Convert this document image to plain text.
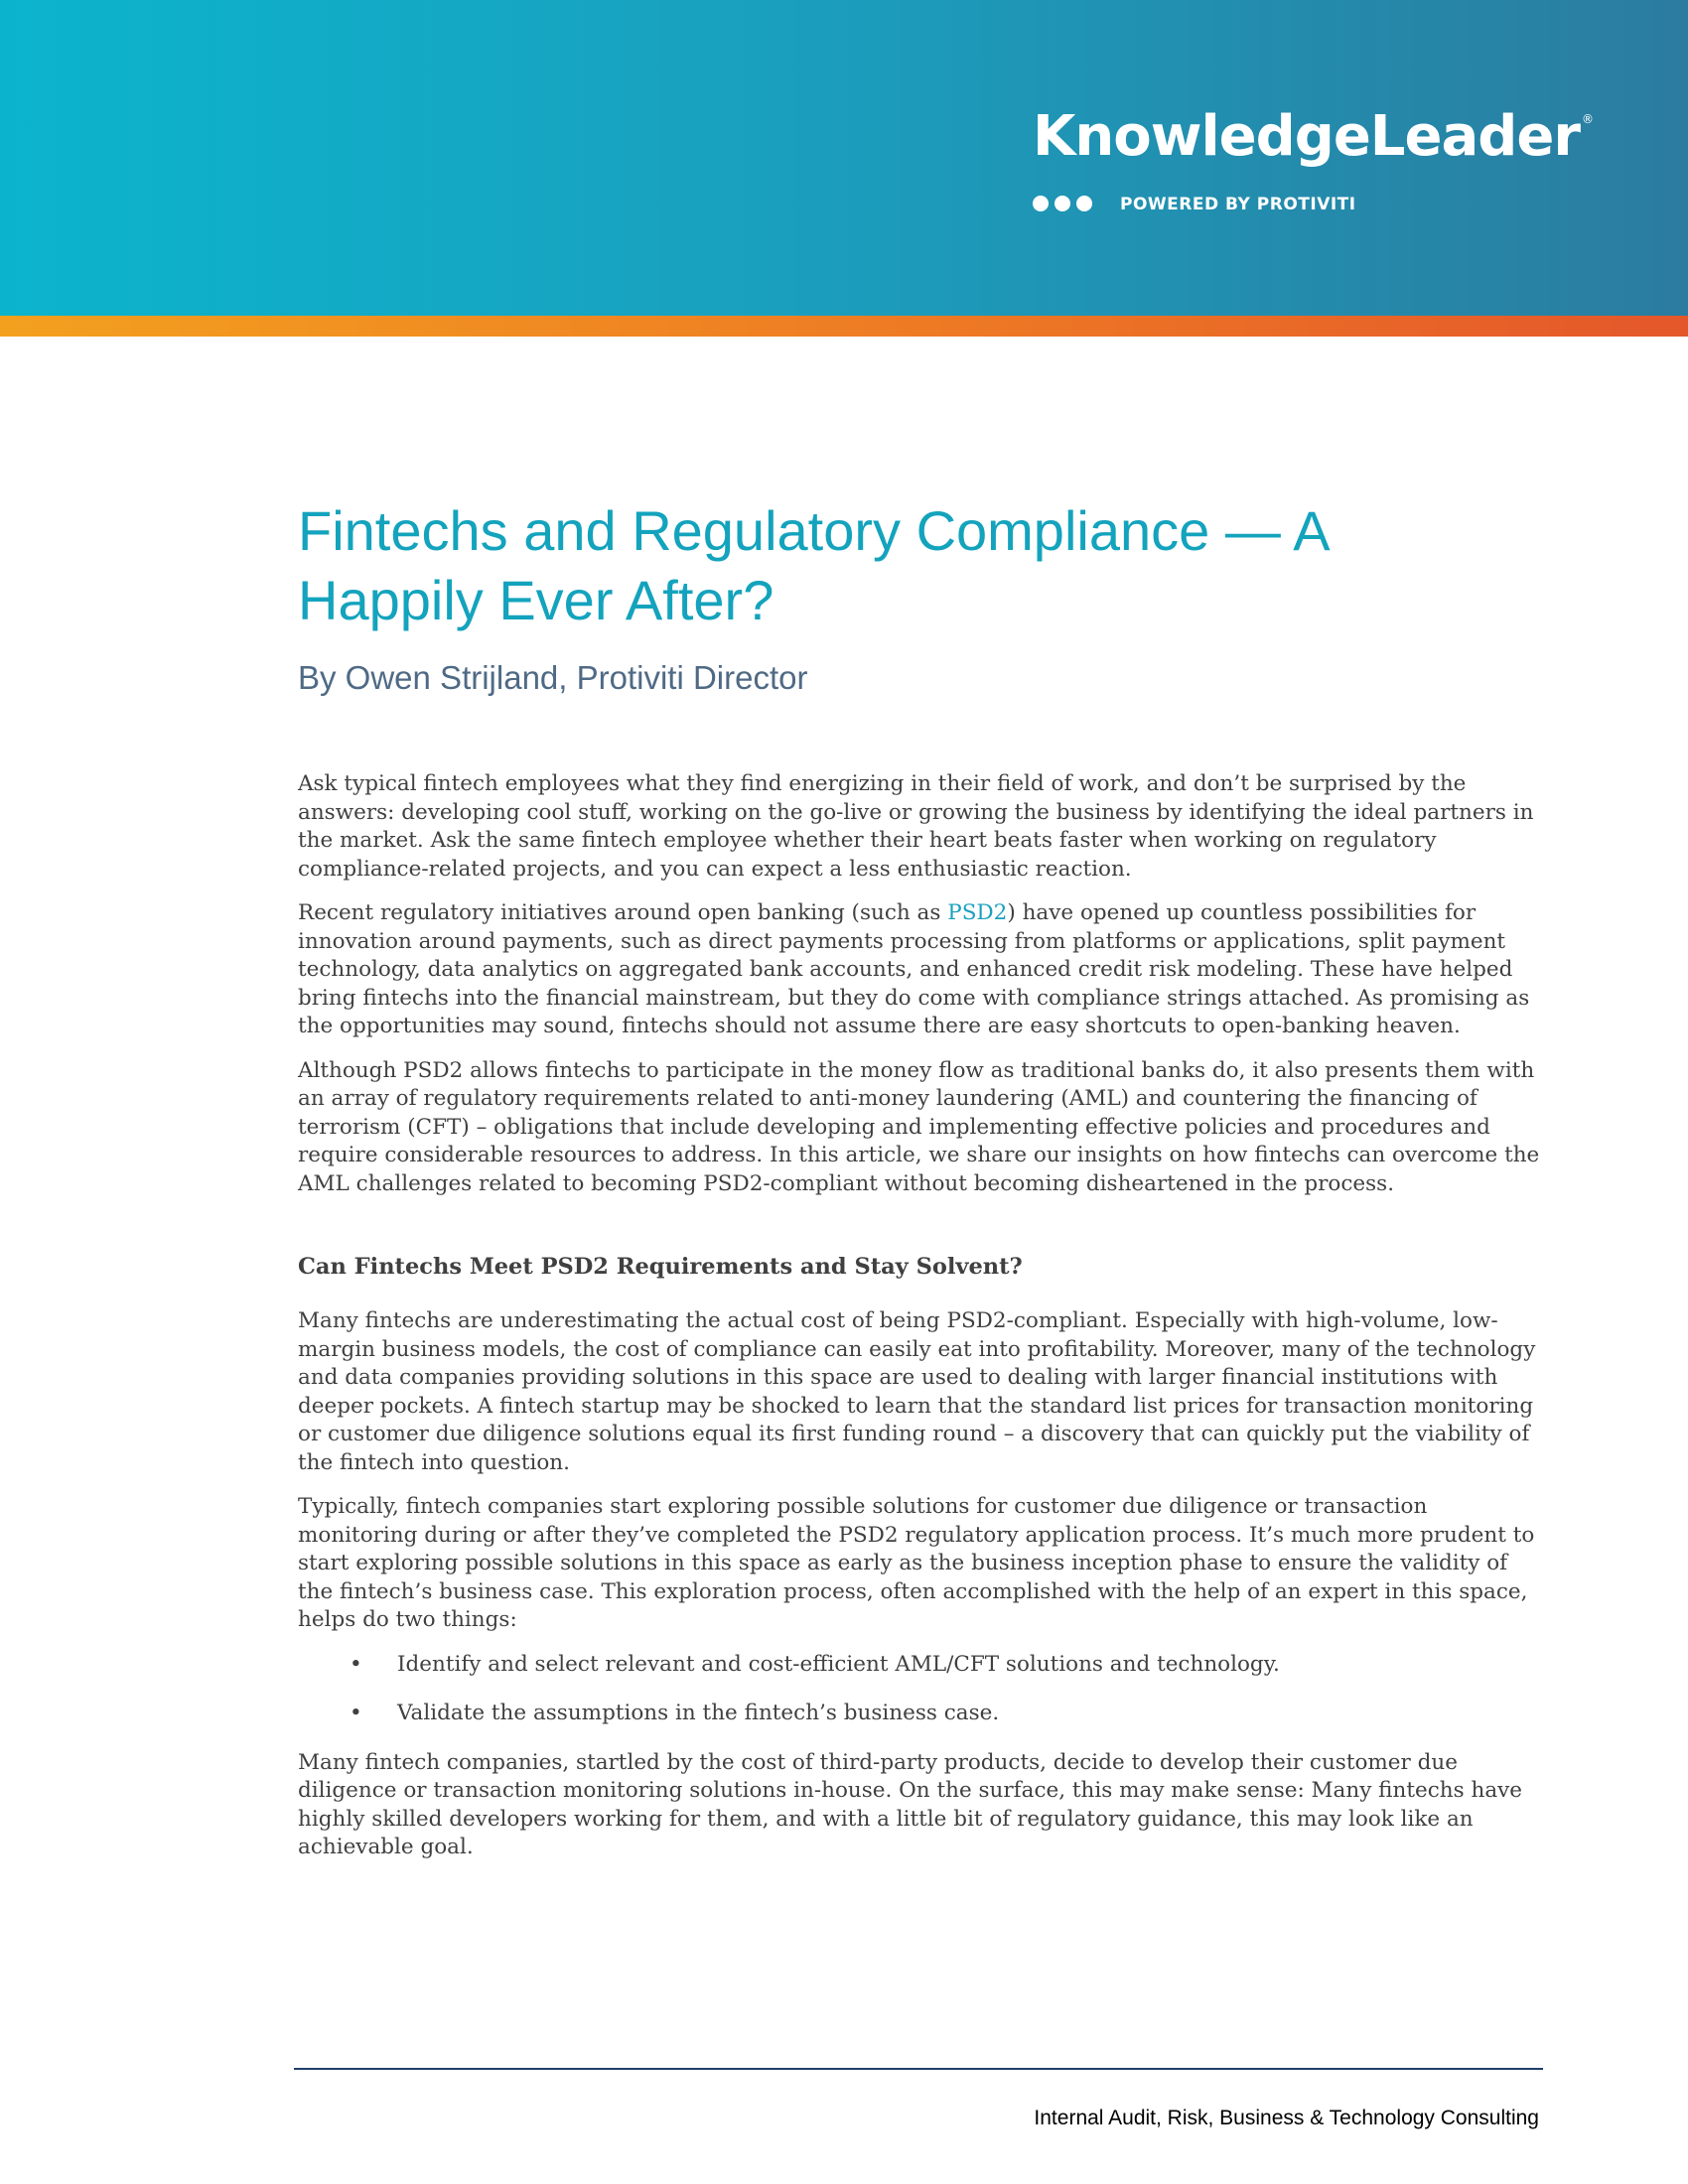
KnowledgeLeader ®
POWERED BY PROTIVITI
Fintechs and Regulatory Compliance — A Happily Ever After?

By Owen Strijland, Protiviti Director

Ask typical fintech employees what they find energizing in their field of work, and don’t be surprised by the answers: developing cool stuff, working on the go-live or growing the business by identifying the ideal partners in the market. Ask the same fintech employee whether their heart beats faster when working on regulatory compliance-related projects, and you can expect a less enthusiastic reaction.

Recent regulatory initiatives around open banking (such as PSD2) have opened up countless possibilities for innovation around payments, such as direct payments processing from platforms or applications, split payment technology, data analytics on aggregated bank accounts, and enhanced credit risk modeling. These have helped bring fintechs into the financial mainstream, but they do come with compliance strings attached. As promising as the opportunities may sound, fintechs should not assume there are easy shortcuts to open-banking heaven.

Although PSD2 allows fintechs to participate in the money flow as traditional banks do, it also presents them with an array of regulatory requirements related to anti-money laundering (AML) and countering the financing of terrorism (CFT) – obligations that include developing and implementing effective policies and procedures and require considerable resources to address. In this article, we share our insights on how fintechs can overcome the AML challenges related to becoming PSD2-compliant without becoming disheartened in the process.

Can Fintechs Meet PSD2 Requirements and Stay Solvent?

Many fintechs are underestimating the actual cost of being PSD2-compliant. Especially with high-volume, low-margin business models, the cost of compliance can easily eat into profitability. Moreover, many of the technology and data companies providing solutions in this space are used to dealing with larger financial institutions with deeper pockets. A fintech startup may be shocked to learn that the standard list prices for transaction monitoring or customer due diligence solutions equal its first funding round – a discovery that can quickly put the viability of the fintech into question.

Typically, fintech companies start exploring possible solutions for customer due diligence or transaction monitoring during or after they’ve completed the PSD2 regulatory application process. It’s much more prudent to start exploring possible solutions in this space as early as the business inception phase to ensure the validity of the fintech’s business case. This exploration process, often accomplished with the help of an expert in this space, helps do two things:

• Identify and select relevant and cost-efficient AML/CFT solutions and technology.
• Validate the assumptions in the fintech’s business case.

Many fintech companies, startled by the cost of third-party products, decide to develop their customer due diligence or transaction monitoring solutions in-house. On the surface, this may make sense: Many fintechs have highly skilled developers working for them, and with a little bit of regulatory guidance, this may look like an achievable goal.

Internal Audit, Risk, Business & Technology Consulting
